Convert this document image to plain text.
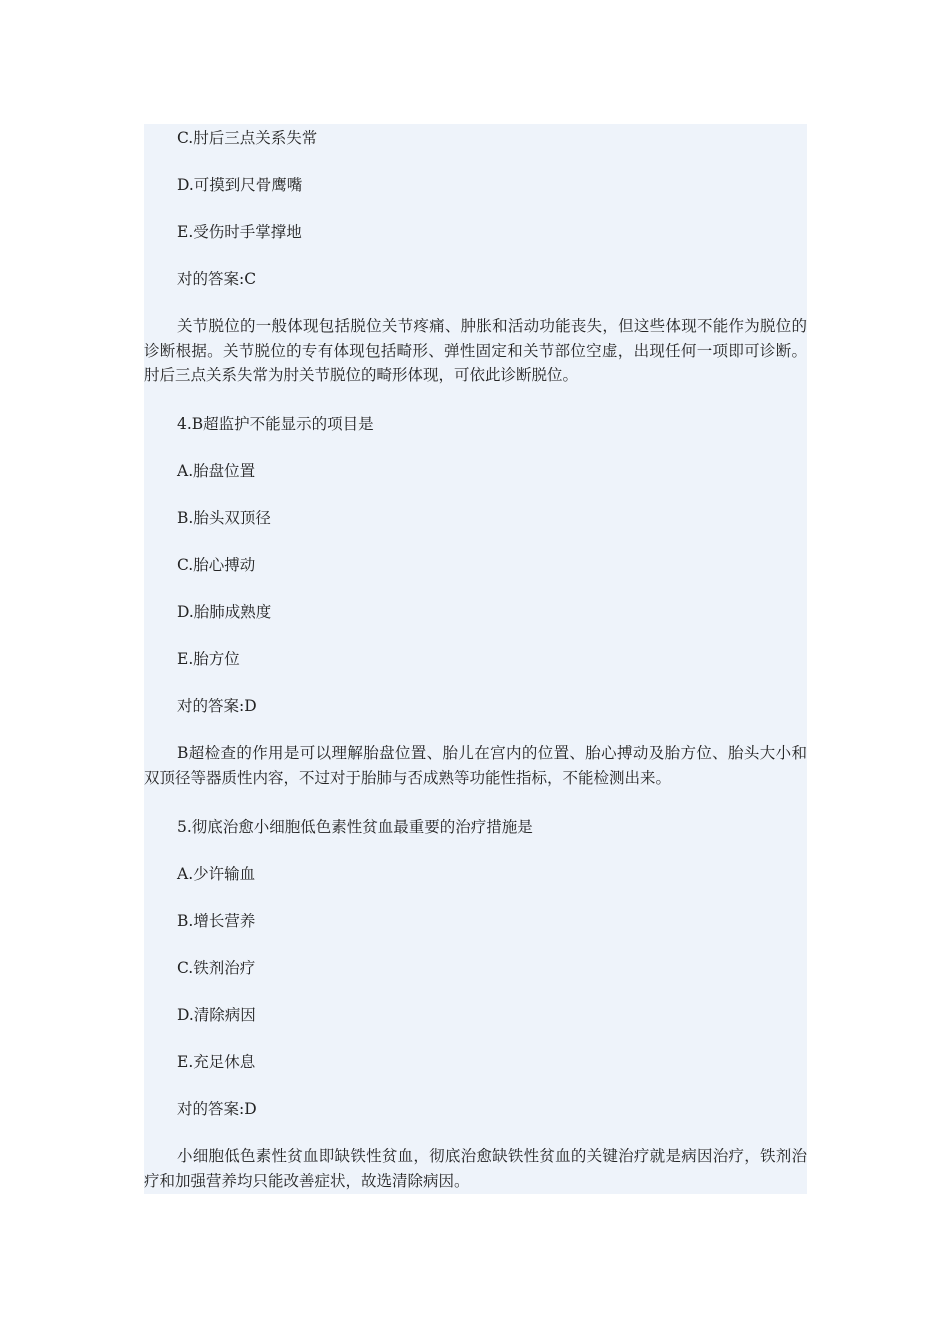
C.肘后三点关系失常

D.可摸到尺骨鹰嘴

E.受伤时手掌撑地

对的答案:C

关节脱位的一般体现包括脱位关节疼痛、肿胀和活动功能丧失，但这些体现不能作为脱位的诊断根据。关节脱位的专有体现包括畸形、弹性固定和关节部位空虚，出现任何一项即可诊断。肘后三点关系失常为肘关节脱位的畸形体现，可依此诊断脱位。

4.B超监护不能显示的项目是

A.胎盘位置

B.胎头双顶径

C.胎心搏动

D.胎肺成熟度

E.胎方位

对的答案:D

B超检查的作用是可以理解胎盘位置、胎儿在宫内的位置、胎心搏动及胎方位、胎头大小和双顶径等器质性内容，不过对于胎肺与否成熟等功能性指标，不能检测出来。

5.彻底治愈小细胞低色素性贫血最重要的治疗措施是

A.少许输血

B.增长营养

C.铁剂治疗

D.清除病因

E.充足休息

对的答案:D

小细胞低色素性贫血即缺铁性贫血，彻底治愈缺铁性贫血的关键治疗就是病因治疗，铁剂治疗和加强营养均只能改善症状，故选清除病因。
